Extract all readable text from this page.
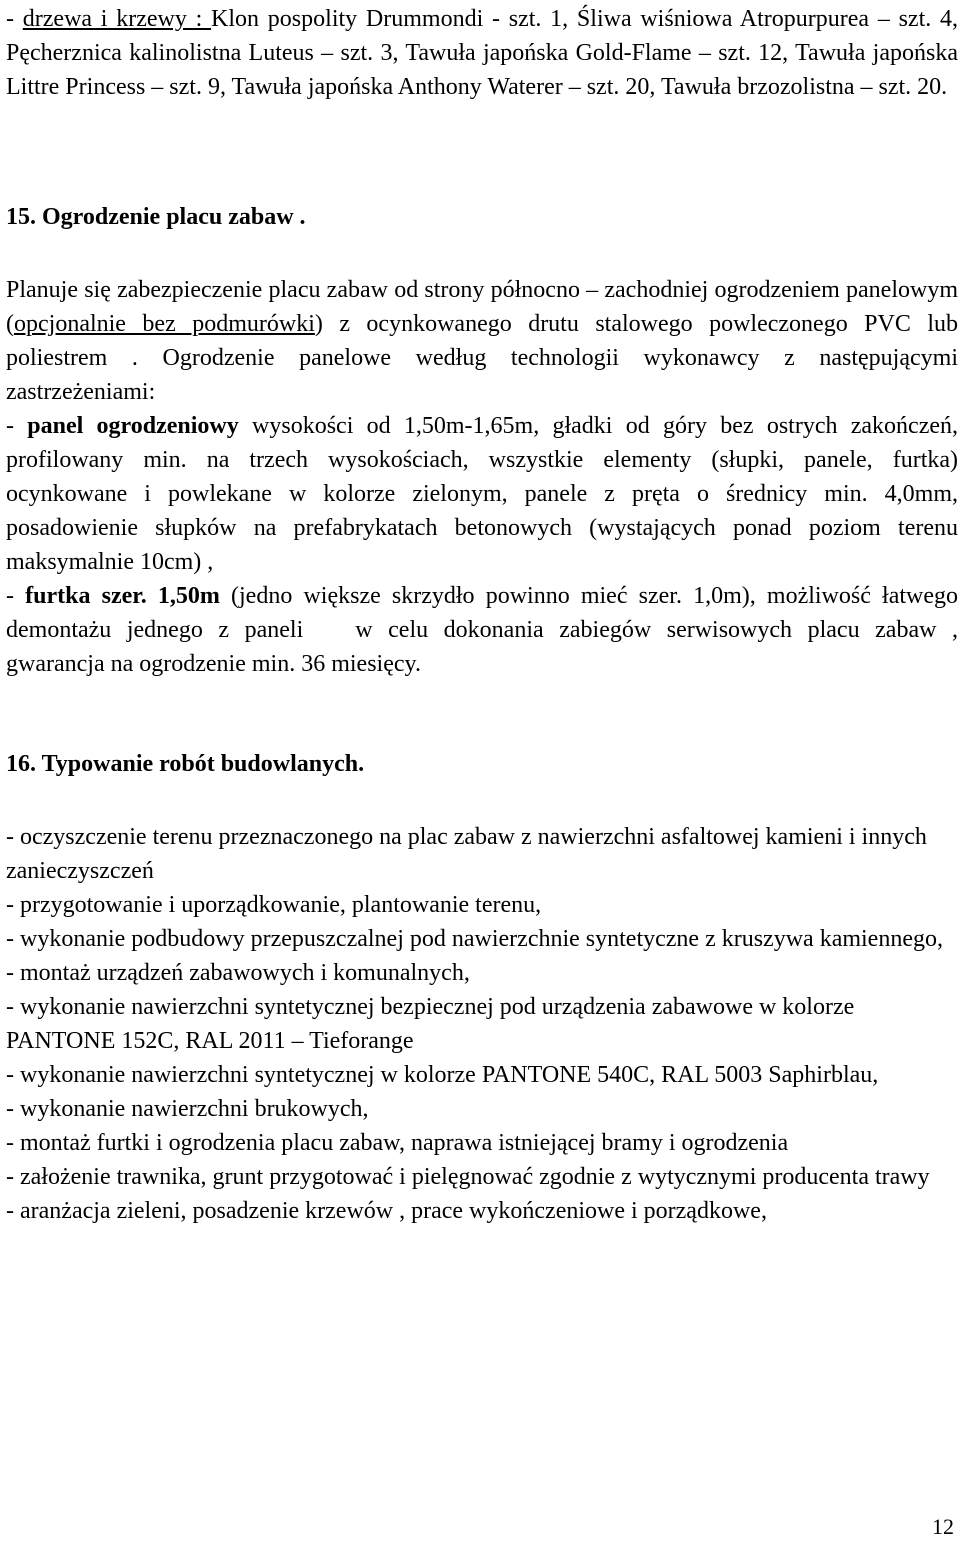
- drzewa i krzewy : Klon pospolity Drummondi - szt. 1, Śliwa wiśniowa Atropurpurea – szt. 4, Pęcherznica kalinolistna Luteus – szt. 3, Tawuła japońska Gold-Flame – szt. 12, Tawuła japońska Littre Princess – szt. 9, Tawuła japońska Anthony Waterer – szt. 20, Tawuła brzozolistna – szt. 20.

15. Ogrodzenie placu zabaw .

Planuje się zabezpieczenie placu zabaw od strony północno – zachodniej ogrodzeniem panelowym (opcjonalnie bez podmurówki) z ocynkowanego drutu stalowego powleczonego PVC lub poliestrem . Ogrodzenie panelowe według technologii wykonawcy z następującymi zastrzeżeniami:

- panel ogrodzeniowy wysokości od 1,50m-1,65m, gładki od góry bez ostrych zakończeń, profilowany min. na trzech wysokościach, wszystkie elementy (słupki, panele, furtka) ocynkowane i powlekane w kolorze zielonym, panele z pręta o średnicy min. 4,0mm, posadowienie słupków na prefabrykatach betonowych (wystających ponad poziom terenu maksymalnie 10cm) ,

- furtka szer. 1,50m (jedno większe skrzydło powinno mieć szer. 1,0m), możliwość łatwego demontażu jednego z paneli w celu dokonania zabiegów serwisowych placu zabaw , gwarancja na ogrodzenie min. 36 miesięcy.

16. Typowanie robót budowlanych.

- oczyszczenie terenu przeznaczonego na plac zabaw z nawierzchni asfaltowej kamieni i innych zanieczyszczeń

- przygotowanie i uporządkowanie, plantowanie terenu,

- wykonanie podbudowy przepuszczalnej pod nawierzchnie syntetyczne z kruszywa kamiennego,

- montaż urządzeń zabawowych i komunalnych,

- wykonanie nawierzchni syntetycznej bezpiecznej pod urządzenia zabawowe w kolorze PANTONE 152C, RAL 2011 – Tieforange

- wykonanie nawierzchni syntetycznej w kolorze PANTONE 540C, RAL 5003 Saphirblau,

- wykonanie nawierzchni brukowych,

- montaż furtki i ogrodzenia placu zabaw, naprawa istniejącej bramy i ogrodzenia

- założenie trawnika, grunt przygotować i pielęgnować zgodnie z wytycznymi producenta trawy

- aranżacja zieleni, posadzenie krzewów , prace wykończeniowe i porządkowe,

12
